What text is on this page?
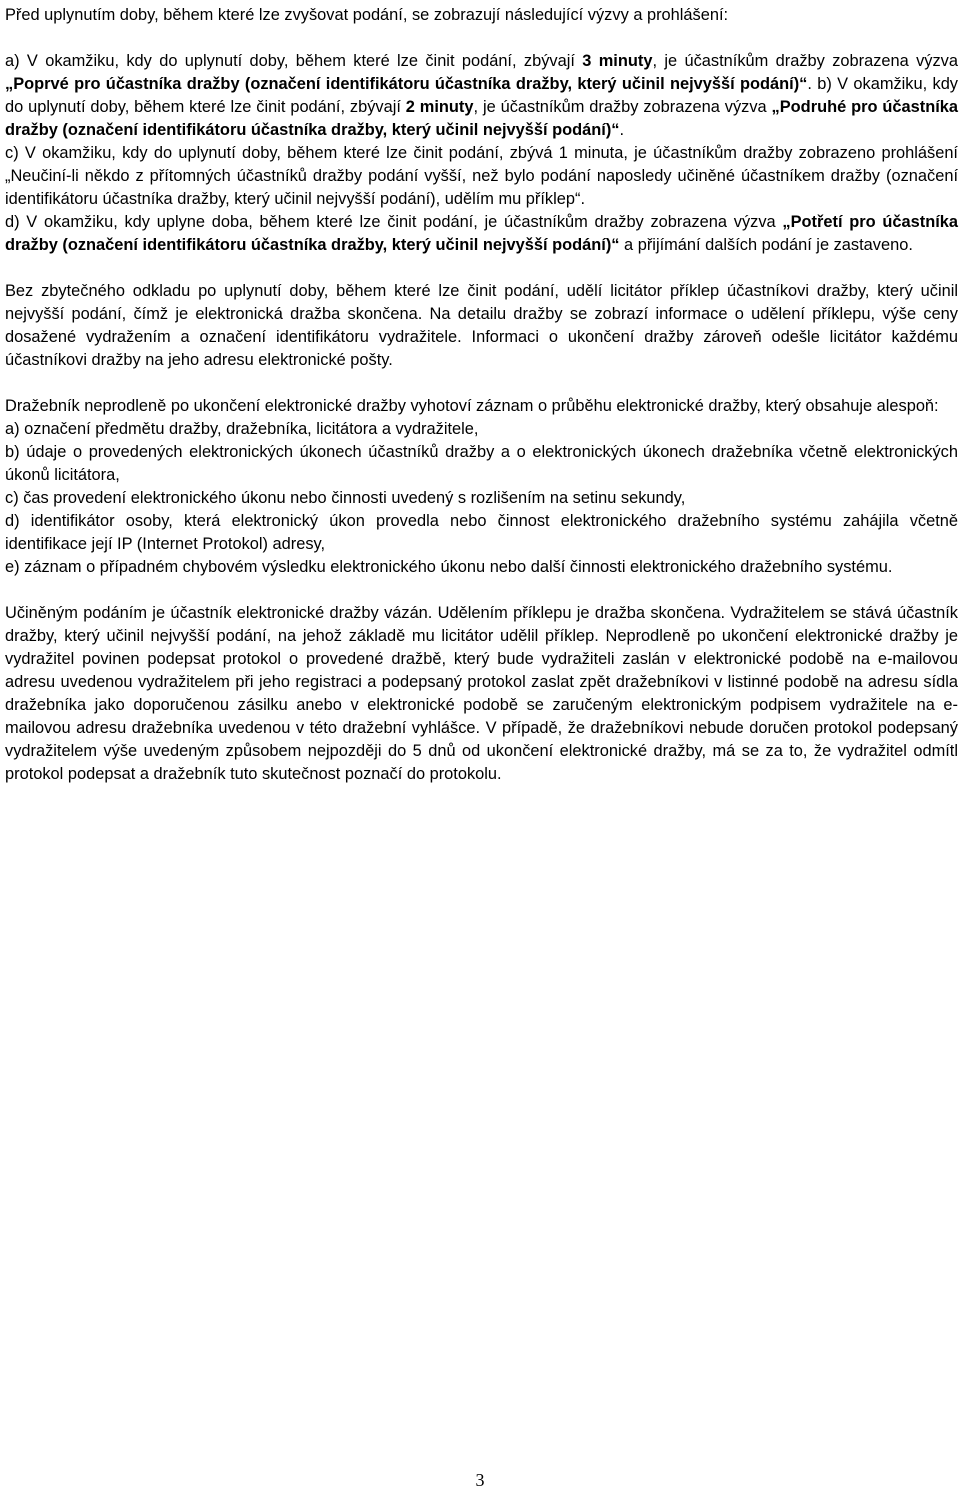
Před uplynutím doby, během které lze zvyšovat podání, se zobrazují následující výzvy a prohlášení:

a) V okamžiku, kdy do uplynutí doby, během které lze činit podání, zbývají 3 minuty, je účastníkům dražby zobrazena výzva „Poprvé pro účastníka dražby (označení identifikátoru účastníka dražby, který učinil nejvyšší podání)“. b) V okamžiku, kdy do uplynutí doby, během které lze činit podání, zbývají 2 minuty, je účastníkům dražby zobrazena výzva „Podruhé pro účastníka dražby (označení identifikátoru účastníka dražby, který učinil nejvyšší podání)“.

c) V okamžiku, kdy do uplynutí doby, během které lze činit podání, zbývá 1 minuta, je účastníkům dražby zobrazeno prohlášení „Neučiní-li někdo z přítomných účastníků dražby podání vyšší, než bylo podání naposledy učiněné účastníkem dražby (označení identifikátoru účastníka dražby, který učinil nejvyšší podání), udělím mu příklep“.

d) V okamžiku, kdy uplyne doba, během které lze činit podání, je účastníkům dražby zobrazena výzva „Potřetí pro účastníka dražby (označení identifikátoru účastníka dražby, který učinil nejvyšší podání)“ a přijímání dalších podání je zastaveno.

Bez zbytečného odkladu po uplynutí doby, během které lze činit podání, udělí licitátor příklep účastníkovi dražby, který učinil nejvyšší podání, čímž je elektronická dražba skončena. Na detailu dražby se zobrazí informace o udělení příklepu, výše ceny dosažené vydražením a označení identifikátoru vydražitele. Informaci o ukončení dražby zároveň odešle licitátor každému účastníkovi dražby na jeho adresu elektronické pošty.

Dražebník neprodleně po ukončení elektronické dražby vyhotoví záznam o průběhu elektronické dražby, který obsahuje alespoň:

a) označení předmětu dražby, dražebníka, licitátora a vydražitele,

b) údaje o provedených elektronických úkonech účastníků dražby a o elektronických úkonech dražebníka včetně elektronických úkonů licitátora,

c) čas provedení elektronického úkonu nebo činnosti uvedený s rozlišením na setinu sekundy,

d) identifikátor osoby, která elektronický úkon provedla nebo činnost elektronického dražebního systému zahájila včetně identifikace její IP (Internet Protokol) adresy,

e) záznam o případném chybovém výsledku elektronického úkonu nebo další činnosti elektronického dražebního systému.

Učiněným podáním je účastník elektronické dražby vázán. Udělením příklepu je dražba skončena. Vydražitelem se stává účastník dražby, který učinil nejvyšší podání, na jehož základě mu licitátor udělil příklep. Neprodleně po ukončení elektronické dražby je vydražitel povinen podepsat protokol o provedené dražbě, který bude vydražiteli zaslán v elektronické podobě na e-mailovou adresu uvedenou vydražitelem při jeho registraci a podepsaný protokol zaslat zpět dražebníkovi v listinné podobě na adresu sídla dražebníka jako doporučenou zásilku anebo v elektronické podobě se zaručeným elektronickým podpisem vydražitele na e-mailovou adresu dražebníka uvedenou v této dražební vyhlášce. V případě, že dražebníkovi nebude doručen protokol podepsaný vydražitelem výše uvedeným způsobem nejpozději do 5 dnů od ukončení elektronické dražby, má se za to, že vydražitel odmítl protokol podepsat a dražebník tuto skutečnost poznačí do protokolu.

3
